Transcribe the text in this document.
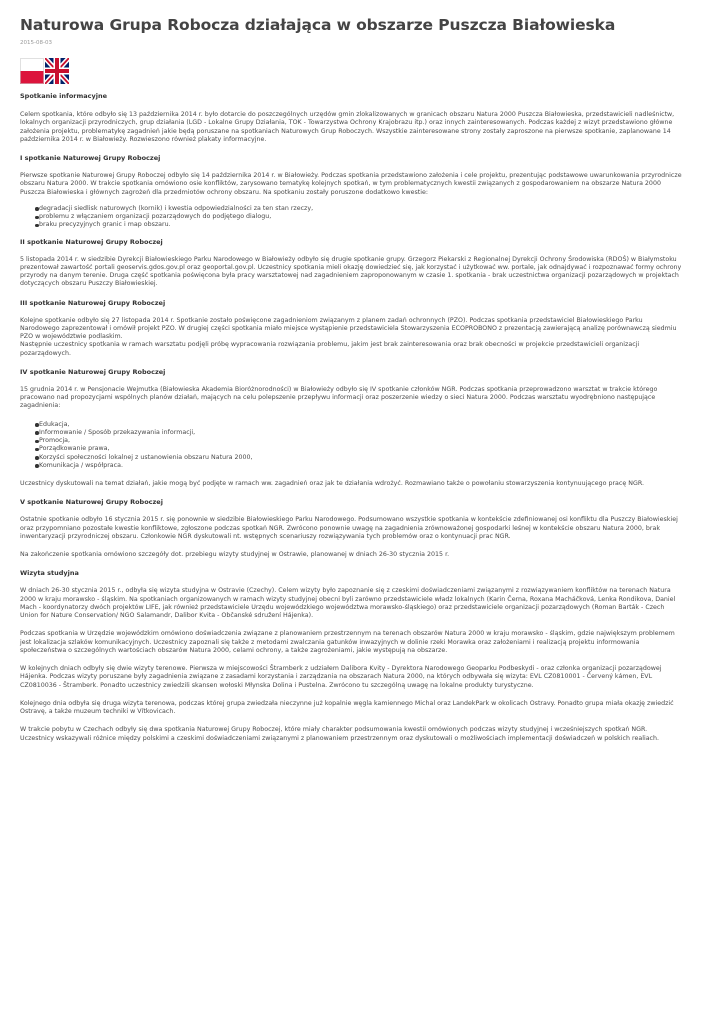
Naturowa Grupa Robocza działająca w obszarze Puszcza Białowieska
2015-08-03
Spotkanie informacyjne

Celem spotkania, które odbyło się 13 października 2014 r. było dotarcie do poszczególnych urzędów gmin zlokalizowanych w granicach obszaru Natura 2000 Puszcza Białowieska, przedstawicieli nadleśnictw, lokalnych organizacji przyrodniczych, grup działania (LGD - Lokalne Grupy Działania, TOK - Towarzystwa Ochrony Krajobrazu itp.) oraz innych zainteresowanych. Podczas każdej z wizyt przedstawiono główne założenia projektu, problematykę zagadnień jakie będą poruszane na spotkaniach Naturowych Grup Roboczych. Wszystkie zainteresowane strony zostały zaproszone na pierwsze spotkanie, zaplanowane 14 października 2014 r. w Białowieży. Rozwieszono również plakaty informacyjne.

I spotkanie Naturowej Grupy Roboczej

Pierwsze spotkanie Naturowej Grupy Roboczej odbyło się 14 października 2014 r. w Białowieży. Podczas spotkania przedstawiono założenia i cele projektu, prezentując podstawowe uwarunkowania przyrodnicze obszaru Natura 2000. W trakcie spotkania omówiono osie konfliktów, zarysowano tematykę kolejnych spotkań, w tym problematycznych kwestii związanych z gospodarowaniem na obszarze Natura 2000 Puszcza Białowieska i głównych zagrożeń dla przedmiotów ochrony obszaru. Na spotkaniu zostały poruszone dodatkowo kwestie:

degradacji siedlisk naturowych (kornik) i kwestia odpowiedzialności za ten stan rzeczy,
problemu z włączaniem organizacji pozarządowych do podjętego dialogu,
braku precyzyjnych granic i map obszaru.
II spotkanie Naturowej Grupy Roboczej

5 listopada 2014 r. w siedzibie Dyrekcji Białowieskiego Parku Narodowego w Białowieży odbyło się drugie spotkanie grupy. Grzegorz Piekarski z Regionalnej Dyrekcji Ochrony Środowiska (RDOŚ) w Białymstoku prezentował zawartość portali geoservis.gdos.gov.pl oraz geoportal.gov.pl. Uczestnicy spotkania mieli okazję dowiedzieć się, jak korzystać i użytkować ww. portale, jak odnajdywać i rozpoznawać formy ochrony przyrody na danym terenie. Druga część spotkania poświęcona była pracy warsztatowej nad zagadnieniem zaproponowanym w czasie 1. spotkania - brak uczestnictwa organizacji pozarządowych w projektach dotyczących obszaru Puszczy Białowieskiej.

III spotkanie Naturowej Grupy Roboczej

Kolejne spotkanie odbyło się 27 listopada 2014 r. Spotkanie zostało poświęcone zagadnieniom związanym z planem zadań ochronnych (PZO). Podczas spotkania przedstawiciel Białowieskiego Parku Narodowego zaprezentował i omówił projekt PZO. W drugiej części spotkania miało miejsce wystąpienie przedstawiciela Stowarzyszenia ECOPROBONO z prezentacją zawierającą analizę porównawczą siedmiu PZO w województwie podlaskim.

Następnie uczestnicy spotkania w ramach warsztatu podjęli próbę wypracowania rozwiązania problemu, jakim jest brak zainteresowania oraz brak obecności w projekcie przedstawicieli organizacji pozarządowych.

IV spotkanie Naturowej Grupy Roboczej

15 grudnia 2014 r. w Pensjonacie Wejmutka (Białowieska Akademia Bioróżnorodności) w Białowieży odbyło się IV spotkanie członków NGR. Podczas spotkania przeprowadzono warsztat w trakcie którego pracowano nad propozycjami wspólnych planów działań, mających na celu polepszenie przepływu informacji oraz poszerzenie wiedzy o sieci Natura 2000. Podczas warsztatu wyodrębniono następujące zagadnienia:

Edukacja,
Informowanie / Sposób przekazywania informacji,
Promocja,
Porządkowanie prawa,
Korzyści społeczności lokalnej z ustanowienia obszaru Natura 2000,
Komunikacja / współpraca.

Uczestnicy dyskutowali na temat działań, jakie mogą być podjęte w ramach ww. zagadnień oraz jak te działania wdrożyć. Rozmawiano także o powołaniu stowarzyszenia kontynuującego pracę NGR.

V spotkanie Naturowej Grupy Roboczej

Ostatnie spotkanie odbyło 16 stycznia 2015 r. się ponownie w siedzibie Białowieskiego Parku Narodowego. Podsumowano wszystkie spotkania w kontekście zdefiniowanej osi konfliktu dla Puszczy Białowieskiej oraz przypomniano pozostałe kwestie konfliktowe, zgłoszone podczas spotkań NGR. Zwrócono ponownie uwagę na zagadnienia zrównoważonej gospodarki leśnej w kontekście obszaru Natura 2000, brak inwentaryzacji przyrodniczej obszaru. Członkowie NGR dyskutowali nt. wstępnych scenariuszy rozwiązywania tych problemów oraz o kontynuacji prac NGR.

Na zakończenie spotkania omówiono szczegóły dot. przebiegu wizyty studyjnej w Ostrawie, planowanej w dniach 26-30 stycznia 2015 r.

Wizyta studyjna

W dniach 26-30 stycznia 2015 r., odbyła się wizyta studyjna w Ostravie (Czechy). Celem wizyty było zapoznanie się z czeskimi doświadczeniami związanymi z rozwiązywaniem konfliktów na terenach Natura 2000 w kraju morawsko - śląskim. Na spotkaniach organizowanych w ramach wizyty studyjnej obecni byli zarówno przedstawiciele władz lokalnych (Karin Černa, Roxana Macháčková, Lenka Rondikova, Daniel Mach - koordynatorzy dwóch projektów LIFE, jak również przedstawiciele Urzędu wojewódzkiego województwa morawsko-śląskiego) oraz przedstawiciele organizacji pozarządowych (Roman Barták - Czech Union for Nature Conservation/ NGO Salamandr, Dalibor Kvita - Občanské sdružení Hájenka).

Podczas spotkania w Urzędzie wojewódzkim omówiono doświadczenia związane z planowaniem przestrzennym na terenach obszarów Natura 2000 w kraju morawsko - śląskim, gdzie największym problemem jest lokalizacja szlaków komunikacyjnych. Uczestnicy zapoznali się także z metodami zwalczania gatunków inwazyjnych w dolinie rzeki Morawka oraz założeniami i realizacją projektu informowania społeczeństwa o szczególnych wartościach obszarów Natura 2000, celami ochrony, a także zagrożeniami, jakie występują na obszarze.

W kolejnych dniach odbyły się dwie wizyty terenowe. Pierwsza w miejscowości Štramberk z udziałem Dalibora Kvity - Dyrektora Narodowego Geoparku Podbeskydi - oraz członka organizacji pozarządowej Hájenka. Podczas wizyty poruszane były zagadnienia związane z zasadami korzystania i zarządzania na obszarach Natura 2000, na których odbywała się wizyta: EVL CZ0810001 - Červený kámen, EVL CZ0810036 - Štramberk. Ponadto uczestnicy zwiedzili skansen wołoski Młynska Dolina i Pustelna. Zwrócono tu szczególną uwagę na lokalne produkty turystyczne.

Kolejnego dnia odbyła się druga wizyta terenowa, podczas której grupa zwiedzała nieczynne już kopalnie węgla kamiennego Michal oraz LandekPark w okolicach Ostravy. Ponadto grupa miała okazję zwiedzić Ostravę, a także muzeum techniki w Vítkovicach.

W trakcie pobytu w Czechach odbyły się dwa spotkania Naturowej Grupy Roboczej, które miały charakter podsumowania kwestii omówionych podczas wizyty studyjnej i wcześniejszych spotkań NGR. Uczestnicy wskazywali różnice między polskimi a czeskimi doświadczeniami związanymi z planowaniem przestrzennym oraz dyskutowali o możliwościach implementacji doświadczeń w polskich realiach.
